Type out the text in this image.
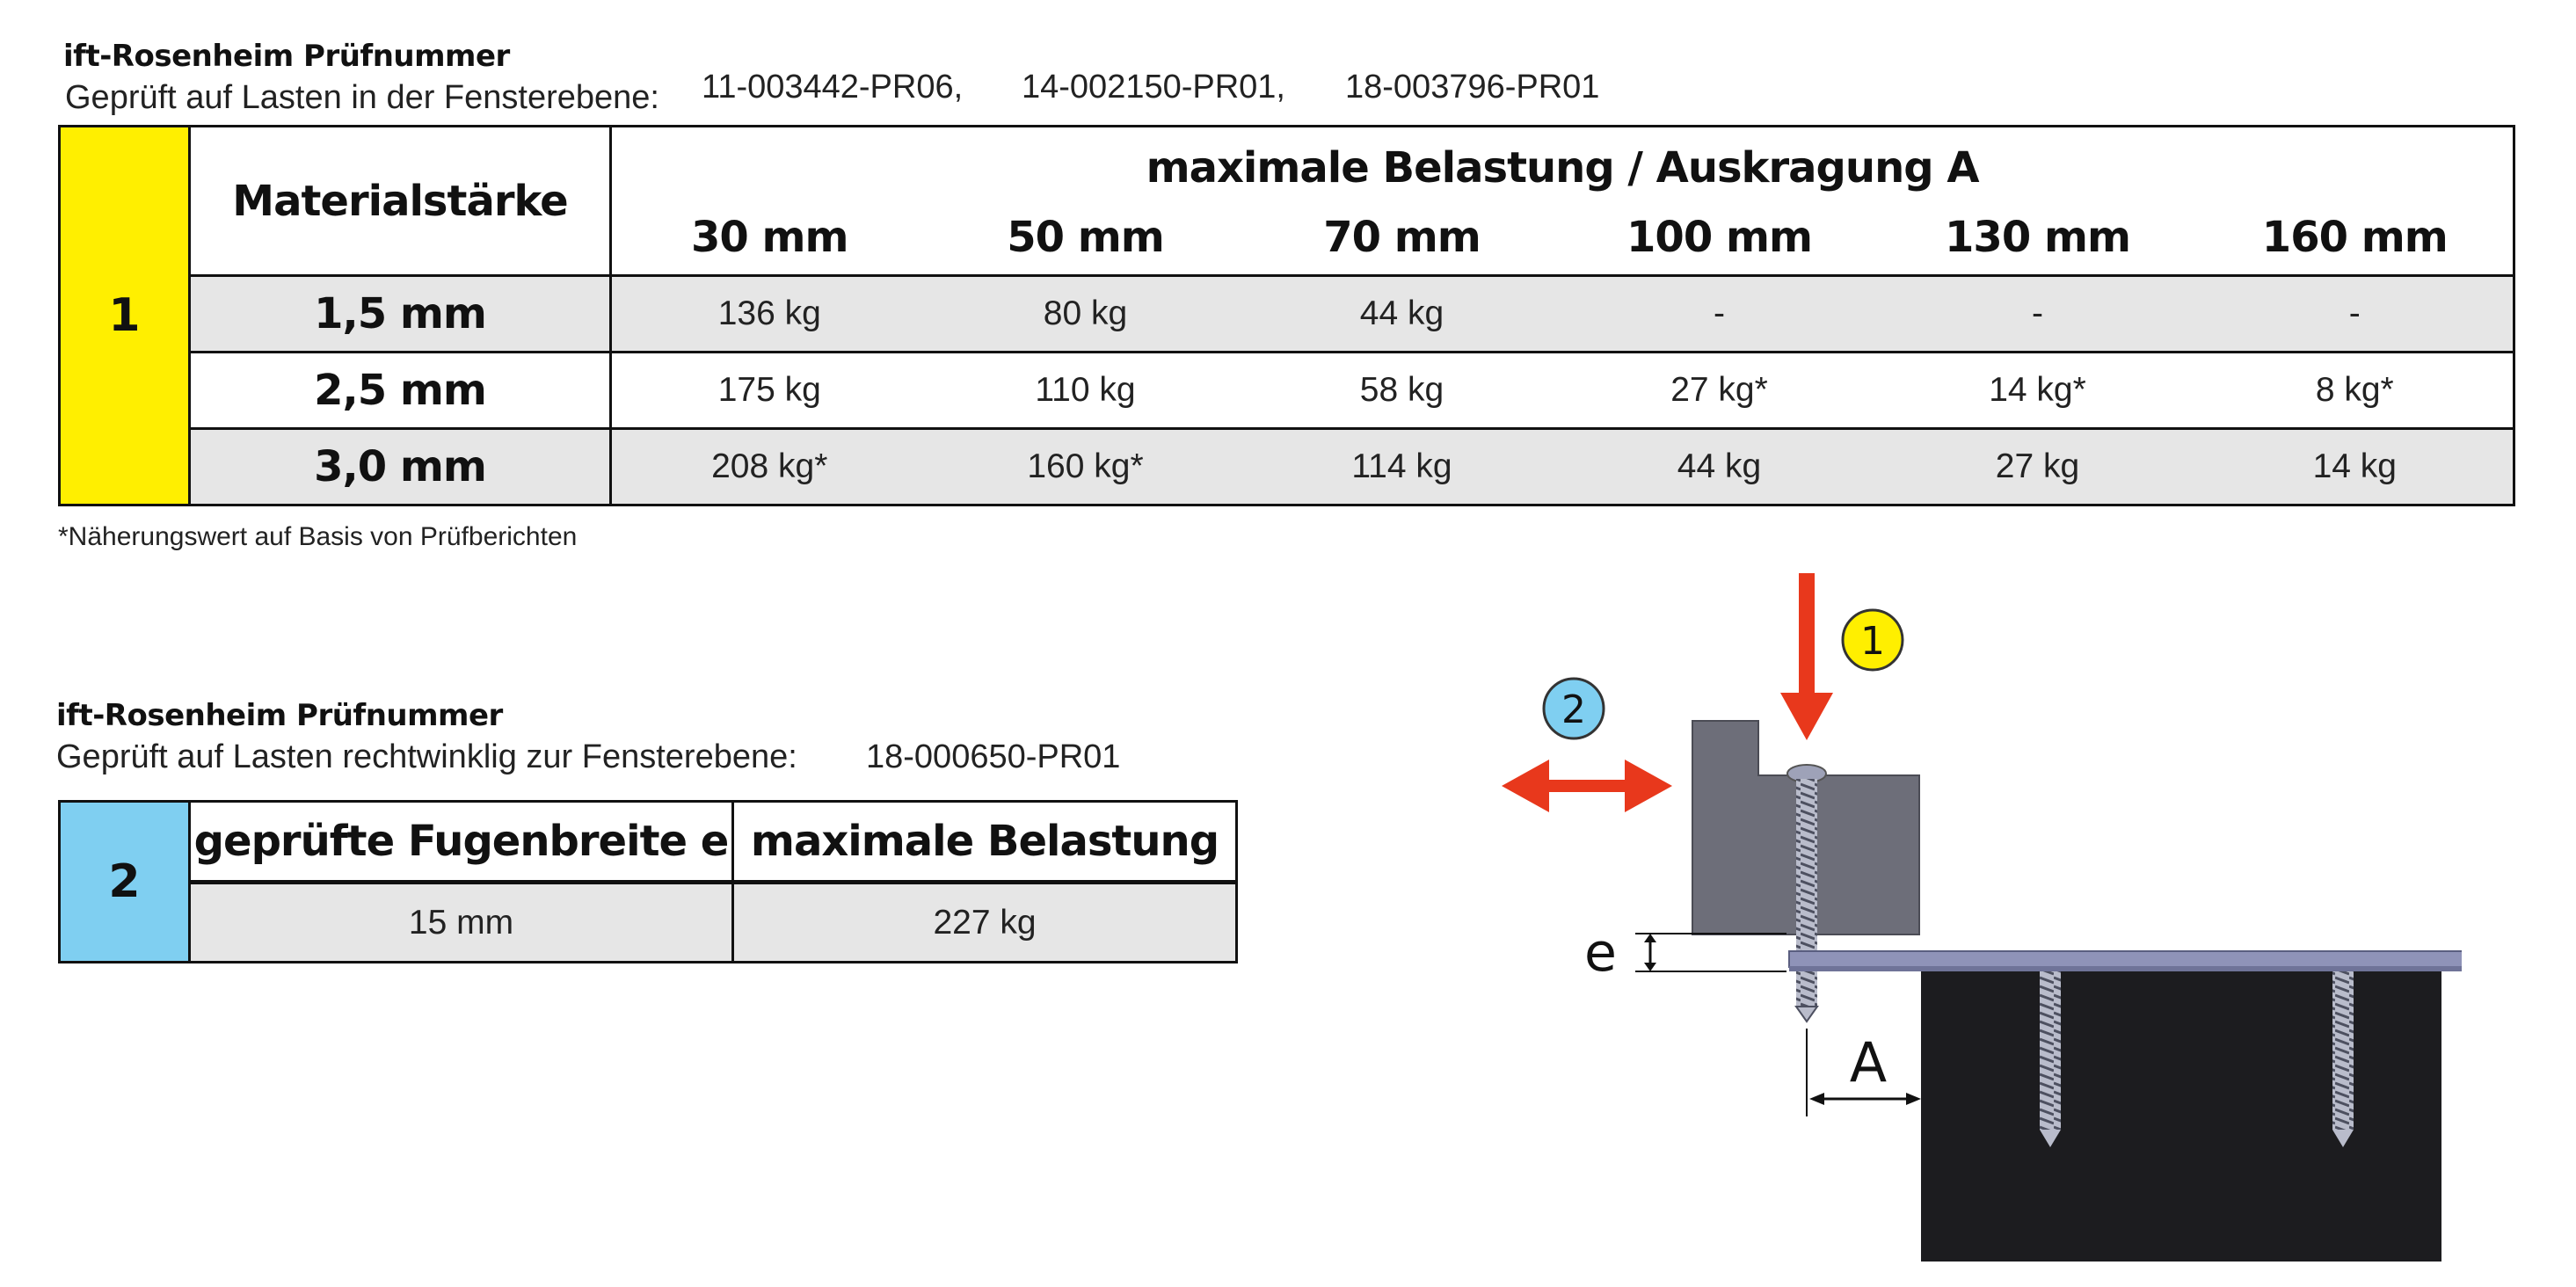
ift-Rosenheim Prüfnummer
Geprüft auf Lasten in der Fensterebene: 11-003442-PR06, 14-002150-PR01, 18-003796-PR01
1	Materialstärke	maximale Belastung / Auskragung A					
		30 mm	50 mm	70 mm	100 mm	130 mm	160 mm
	1,5 mm	136 kg	80 kg	44 kg	-	-	-
	2,5 mm	175 kg	110 kg	58 kg	27 kg*	14 kg*	8 kg*
	3,0 mm	208 kg*	160 kg*	114 kg	44 kg	27 kg	14 kg
*Näherungswert auf Basis von Prüfberichten
ift-Rosenheim Prüfnummer
Geprüft auf Lasten rechtwinklig zur Fensterebene: 18-000650-PR01
2	geprüfte Fugenbreite e	maximale Belastung
	15 mm	227 kg
1
2
e
A
